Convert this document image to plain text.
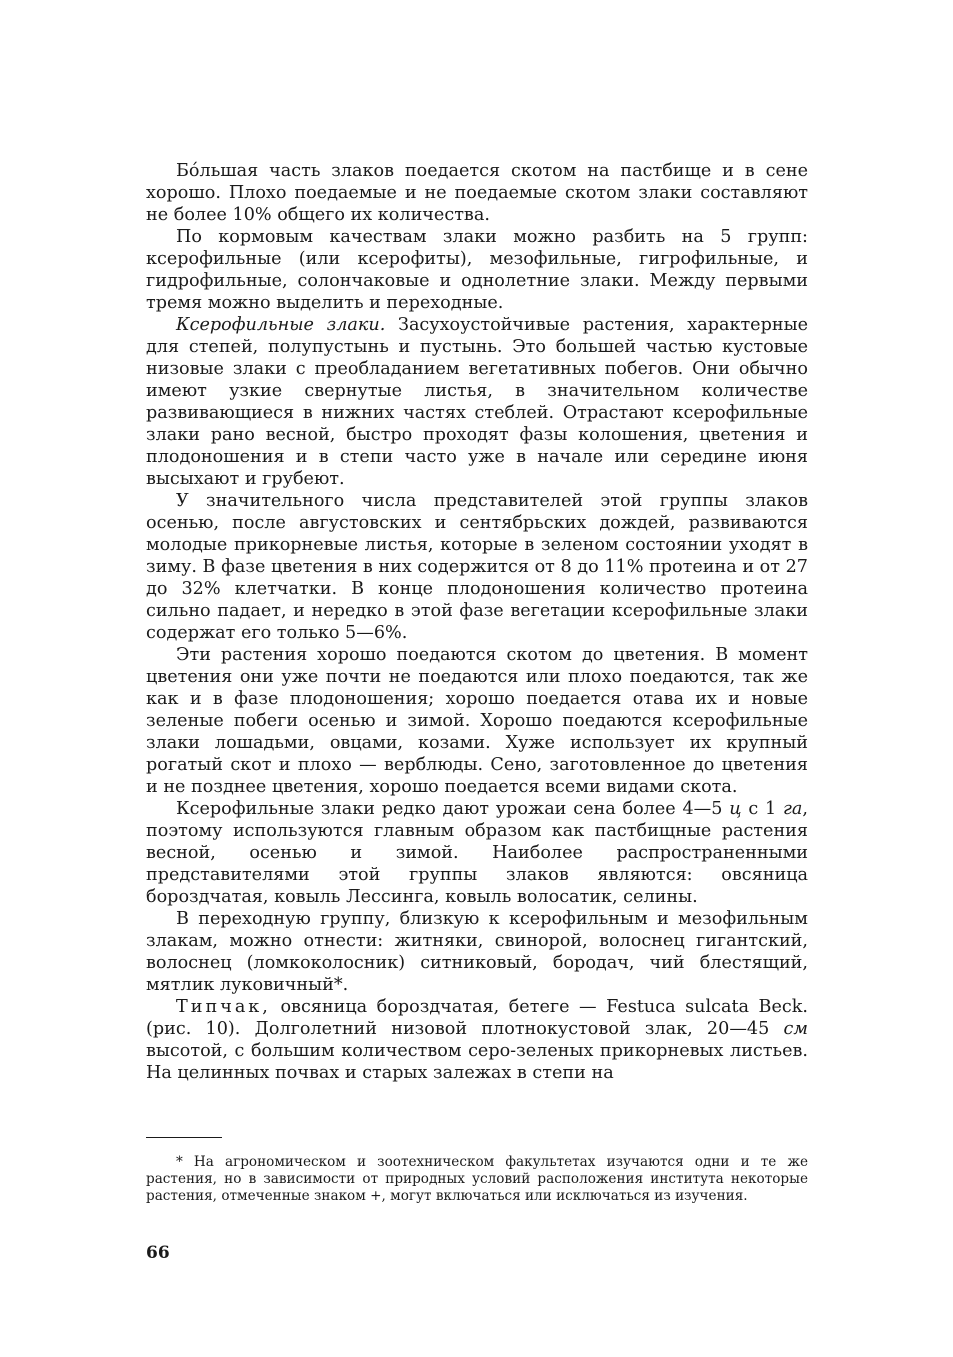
Бóльшая часть злаков поедается скотом на пастбище и в сене хорошо. Плохо поедаемые и не поедаемые скотом злаки составляют не более 10% общего их количества.

По кормовым качествам злаки можно разбить на 5 групп: ксерофильные (или ксерофиты), мезофильные, гигрофильные, и гидрофильные, солончаковые и однолетние злаки. Между первыми тремя можно выделить и переходные.

Ксерофильные злаки. Засухоустойчивые растения, характерные для степей, полупустынь и пустынь. Это большей частью кустовые низовые злаки с преобладанием вегетативных побегов. Они обычно имеют узкие свернутые листья, в значительном количестве развивающиеся в нижних частях стеблей. Отрастают ксерофильные злаки рано весной, быстро проходят фазы колошения, цветения и плодоношения и в степи часто уже в начале или середине июня высыхают и грубеют.

У значительного числа представителей этой группы злаков осенью, после августовских и сентябрьских дождей, развиваются молодые прикорневые листья, которые в зеленом состоянии уходят в зиму. В фазе цветения в них содержится от 8 до 11% протеина и от 27 до 32% клетчатки. В конце плодоношения количество протеина сильно падает, и нередко в этой фазе вегетации ксерофильные злаки содержат его только 5—6%.

Эти растения хорошо поедаются скотом до цветения. В момент цветения они уже почти не поедаются или плохо поедаются, так же как и в фазе плодоношения; хорошо поедается отава их и новые зеленые побеги осенью и зимой. Хорошо поедаются ксерофильные злаки лошадьми, овцами, козами. Хуже использует их крупный рогатый скот и плохо — верблюды. Сено, заготовленное до цветения и не позднее цветения, хорошо поедается всеми видами скота.

Ксерофильные злаки редко дают урожаи сена более 4—5 ц с 1 га, поэтому используются главным образом как пастбищные растения весной, осенью и зимой. Наиболее распространенными представителями этой группы злаков являются: овсяница бороздчатая, ковыль Лессинга, ковыль волосатик, селины.

В переходную группу, близкую к ксерофильным и мезофильным злакам, можно отнести: житняки, свинорой, волоснец гигантский, волоснец (ломкоколосник) ситниковый, бородач, чий блестящий, мятлик луковичный*.

Типчак, овсяница бороздчатая, бетеге — Festuca sulcata Beck. (рис. 10). Долголетний низовой плотнокустовой злак, 20—45 см высотой, с большим количеством серо-зеленых прикорневых листьев. На целинных почвах и старых залежах в степи на

* На агрономическом и зоотехническом факультетах изучаются одни и те же растения, но в зависимости от природных условий расположения института некоторые растения, отмеченные знаком +, могут включаться или исключаться из изучения.

66
